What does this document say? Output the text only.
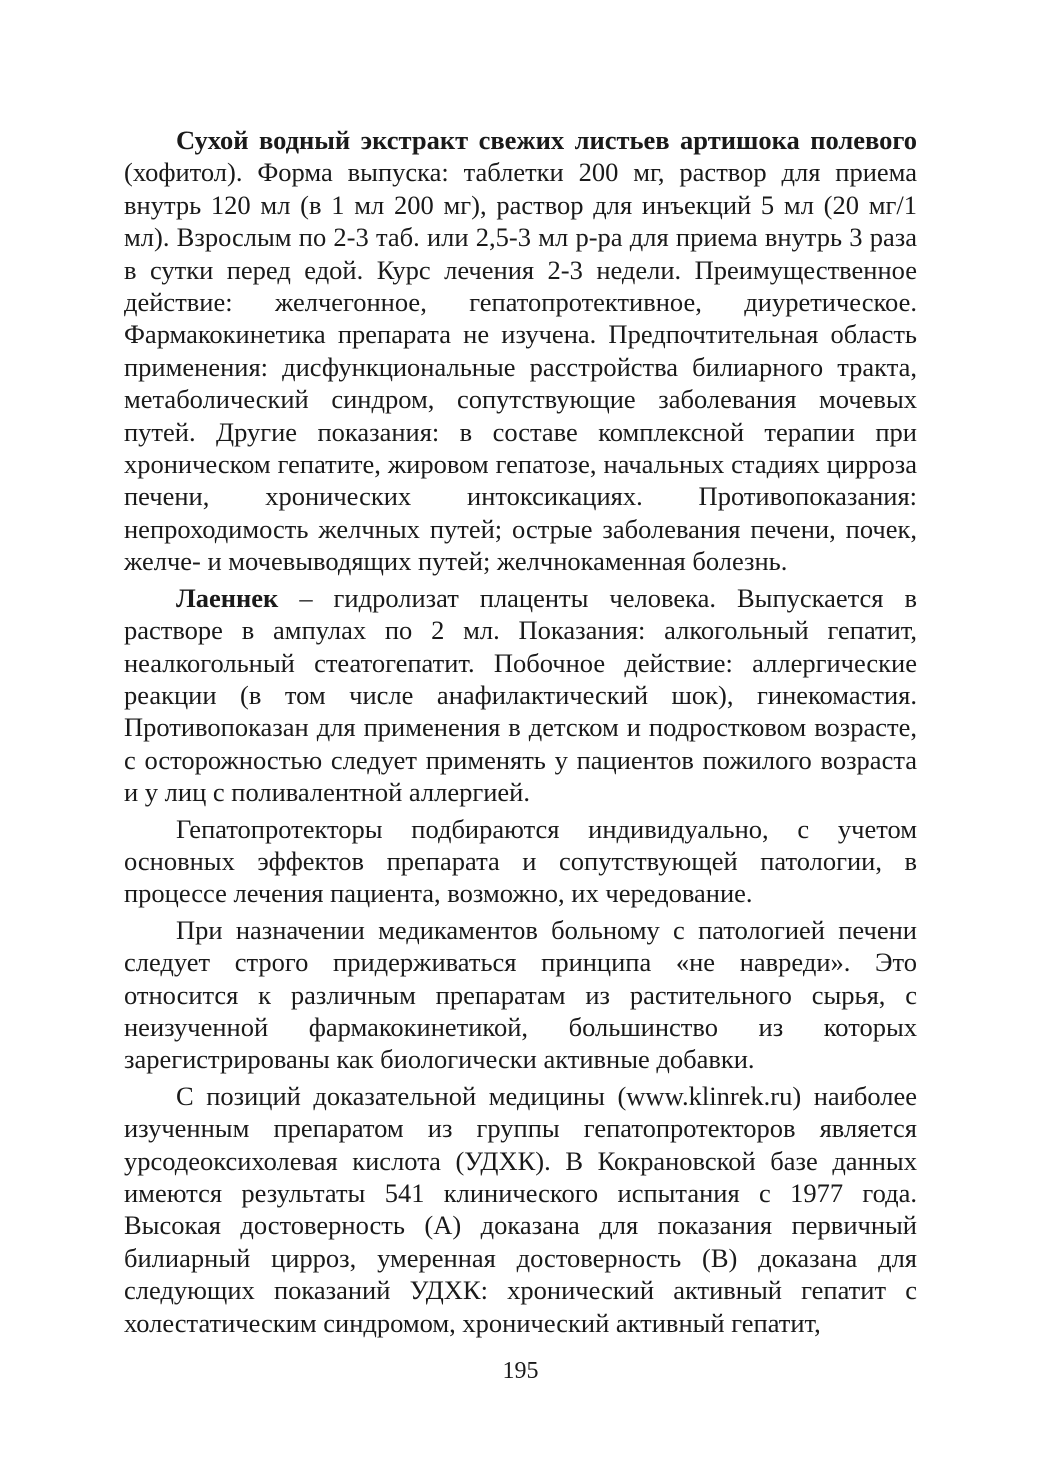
Сухой водный экстракт свежих листьев артишока полевого (хофитол). Форма выпуска: таблетки 200 мг, раствор для приема внутрь 120 мл (в 1 мл 200 мг), раствор для инъекций 5 мл (20 мг/1 мл). Взрослым по 2-3 таб. или 2,5-3 мл р-ра для приема внутрь 3 раза в сутки перед едой. Курс лечения 2-3 недели. Преимущественное действие: желчегонное, гепатопротективное, диуретическое. Фармакокинетика препарата не изучена. Предпочтительная область применения: дисфункциональные расстройства билиарного тракта, метаболический синдром, сопутствующие заболевания мочевых путей. Другие показания: в составе комплексной терапии при хроническом гепатите, жировом гепатозе, начальных стадиях цирроза печени, хронических интоксикациях. Противопоказания: непроходимость желчных путей; острые заболевания печени, почек, желче- и мочевыводящих путей; желчнокаменная болезнь.

Лаеннек – гидролизат плаценты человека. Выпускается в растворе в ампулах по 2 мл. Показания: алкогольный гепатит, неалкогольный стеатогепатит. Побочное действие: аллергические реакции (в том числе анафилактический шок), гинекомастия. Противопоказан для применения в детском и подростковом возрасте, с осторожностью следует применять у пациентов пожилого возраста и у лиц с поливалентной аллергией.

Гепатопротекторы подбираются индивидуально, с учетом основных эффектов препарата и сопутствующей патологии, в процессе лечения пациента, возможно, их чередование.

При назначении медикаментов больному с патологией печени следует строго придерживаться принципа «не навреди». Это относится к различным препаратам из растительного сырья, с неизученной фармакокинетикой, большинство из которых зарегистрированы как биологически активные добавки.

С позиций доказательной медицины (www.klinrek.ru) наиболее изученным препаратом из группы гепатопротекторов является урсодеоксихолевая кислота (УДХК). В Кокрановской базе данных имеются результаты 541 клинического испытания с 1977 года. Высокая достоверность (А) доказана для показания первичный билиарный цирроз, умеренная достоверность (В) доказана для следующих показаний УДХК: хронический активный гепатит с холестатическим синдромом, хронический активный гепатит,

195
